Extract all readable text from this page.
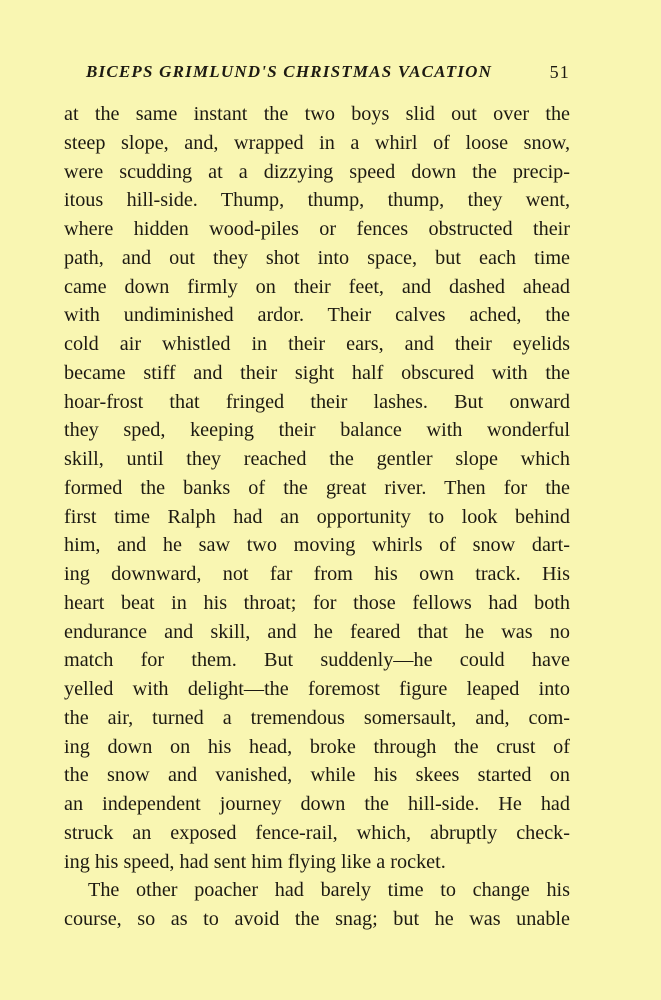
BICEPS GRIMLUND'S CHRISTMAS VACATION	51
at the same instant the two boys slid out over the
steep slope, and, wrapped in a whirl of loose snow,
were scudding at a dizzying speed down the precip-
itous hill-side. Thump, thump, thump, they went,
where hidden wood-piles or fences obstructed their
path, and out they shot into space, but each time
came down firmly on their feet, and dashed ahead
with undiminished ardor. Their calves ached, the
cold air whistled in their ears, and their eyelids
became stiff and their sight half obscured with the
hoar-frost that fringed their lashes. But onward
they sped, keeping their balance with wonderful
skill, until they reached the gentler slope which
formed the banks of the great river. Then for the
first time Ralph had an opportunity to look behind
him, and he saw two moving whirls of snow dart-
ing downward, not far from his own track. His
heart beat in his throat; for those fellows had both
endurance and skill, and he feared that he was no
match for them. But suddenly—he could have
yelled with delight—the foremost figure leaped into
the air, turned a tremendous somersault, and, com-
ing down on his head, broke through the crust of
the snow and vanished, while his skees started on
an independent journey down the hill-side. He had
struck an exposed fence-rail, which, abruptly check-
ing his speed, had sent him flying like a rocket.
The other poacher had barely time to change his
course, so as to avoid the snag; but he was unable
